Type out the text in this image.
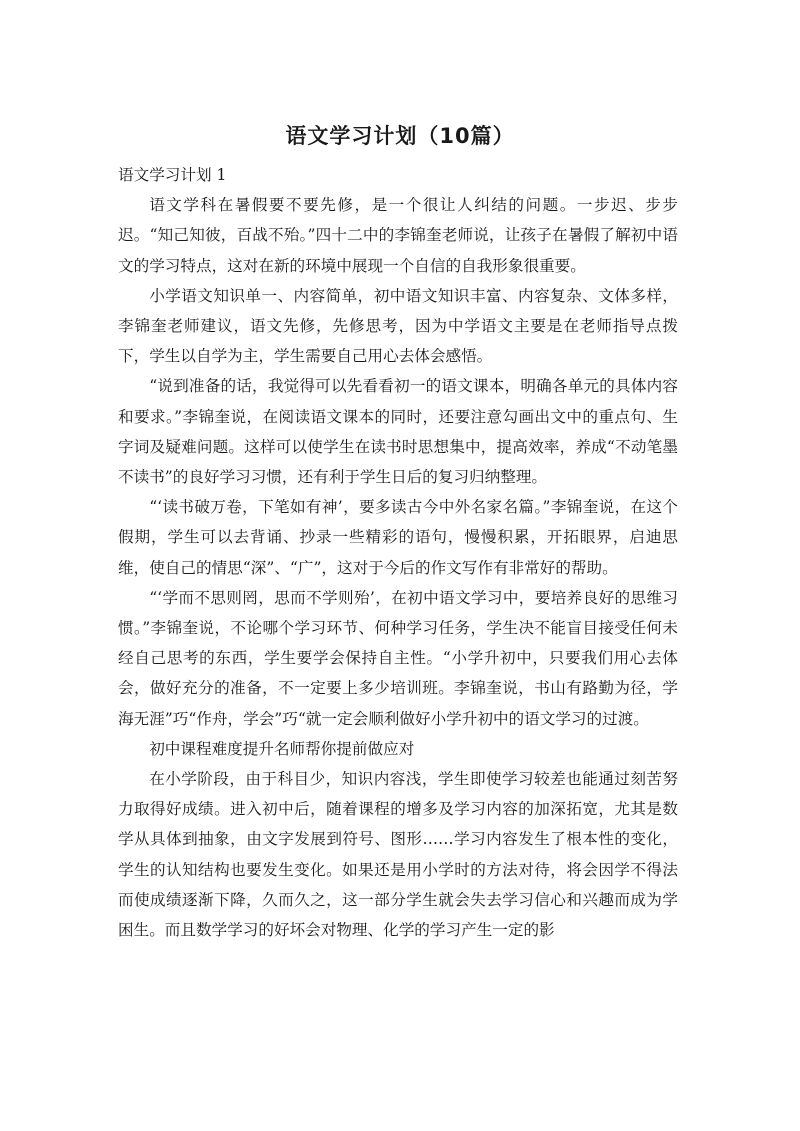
语文学习计划（10篇）

语文学习计划 1

语文学科在暑假要不要先修，是一个很让人纠结的问题。一步迟、步步迟。“知己知彼，百战不殆。”四十二中的李锦奎老师说，让孩子在暑假了解初中语文的学习特点，这对在新的环境中展现一个自信的自我形象很重要。

小学语文知识单一、内容简单，初中语文知识丰富、内容复杂、文体多样，李锦奎老师建议，语文先修，先修思考，因为中学语文主要是在老师指导点拨下，学生以自学为主，学生需要自己用心去体会感悟。

“说到准备的话，我觉得可以先看看初一的语文课本，明确各单元的具体内容和要求。”李锦奎说，在阅读语文课本的同时，还要注意勾画出文中的重点句、生字词及疑难问题。这样可以使学生在读书时思想集中，提高效率，养成“不动笔墨不读书”的良好学习习惯，还有利于学生日后的复习归纳整理。

“‘读书破万卷，下笔如有神’，要多读古今中外名家名篇。”李锦奎说，在这个假期，学生可以去背诵、抄录一些精彩的语句，慢慢积累，开拓眼界，启迪思维，使自己的情思“深”、“广”，这对于今后的作文写作有非常好的帮助。

“‘学而不思则罔，思而不学则殆’，在初中语文学习中，要培养良好的思维习惯。”李锦奎说，不论哪个学习环节、何种学习任务，学生决不能盲目接受任何未经自己思考的东西，学生要学会保持自主性。“小学升初中，只要我们用心去体会，做好充分的准备，不一定要上多少培训班。李锦奎说，书山有路勤为径，学海无涯”巧“作舟，学会”巧“就一定会顺利做好小学升初中的语文学习的过渡。

初中课程难度提升名师帮你提前做应对

在小学阶段，由于科目少，知识内容浅，学生即使学习较差也能通过刻苦努力取得好成绩。进入初中后，随着课程的增多及学习内容的加深拓宽，尤其是数学从具体到抽象，由文字发展到符号、图形……学习内容发生了根本性的变化，学生的认知结构也要发生变化。如果还是用小学时的方法对待，将会因学不得法而使成绩逐渐下降，久而久之，这一部分学生就会失去学习信心和兴趣而成为学困生。而且数学学习的好坏会对物理、化学的学习产生一定的影
